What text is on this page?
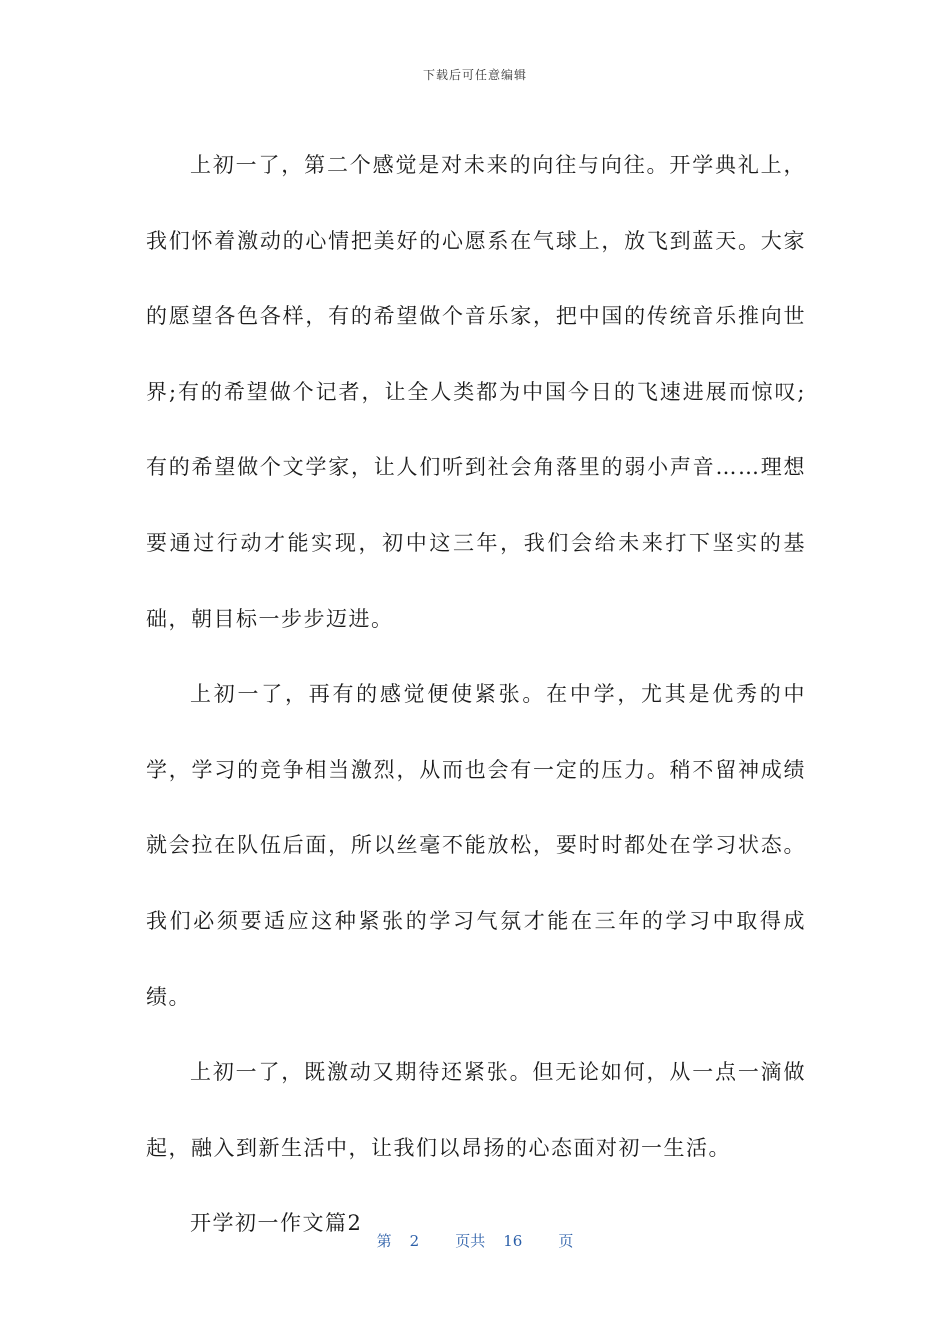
下载后可任意编辑

上初一了，第二个感觉是对未来的向往与向往。开学典礼上，我们怀着激动的心情把美好的心愿系在气球上，放飞到蓝天。大家的愿望各色各样，有的希望做个音乐家，把中国的传统音乐推向世界;有的希望做个记者，让全人类都为中国今日的飞速进展而惊叹;有的希望做个文学家，让人们听到社会角落里的弱小声音……理想要通过行动才能实现，初中这三年，我们会给未来打下坚实的基础，朝目标一步步迈进。

上初一了，再有的感觉便使紧张。在中学，尤其是优秀的中学，学习的竞争相当激烈，从而也会有一定的压力。稍不留神成绩就会拉在队伍后面，所以丝毫不能放松，要时时都处在学习状态。我们必须要适应这种紧张的学习气氛才能在三年的学习中取得成绩。

上初一了，既激动又期待还紧张。但无论如何，从一点一滴做起，融入到新生活中，让我们以昂扬的心态面对初一生活。

开学初一作文篇2

第 2 页共 16 页
